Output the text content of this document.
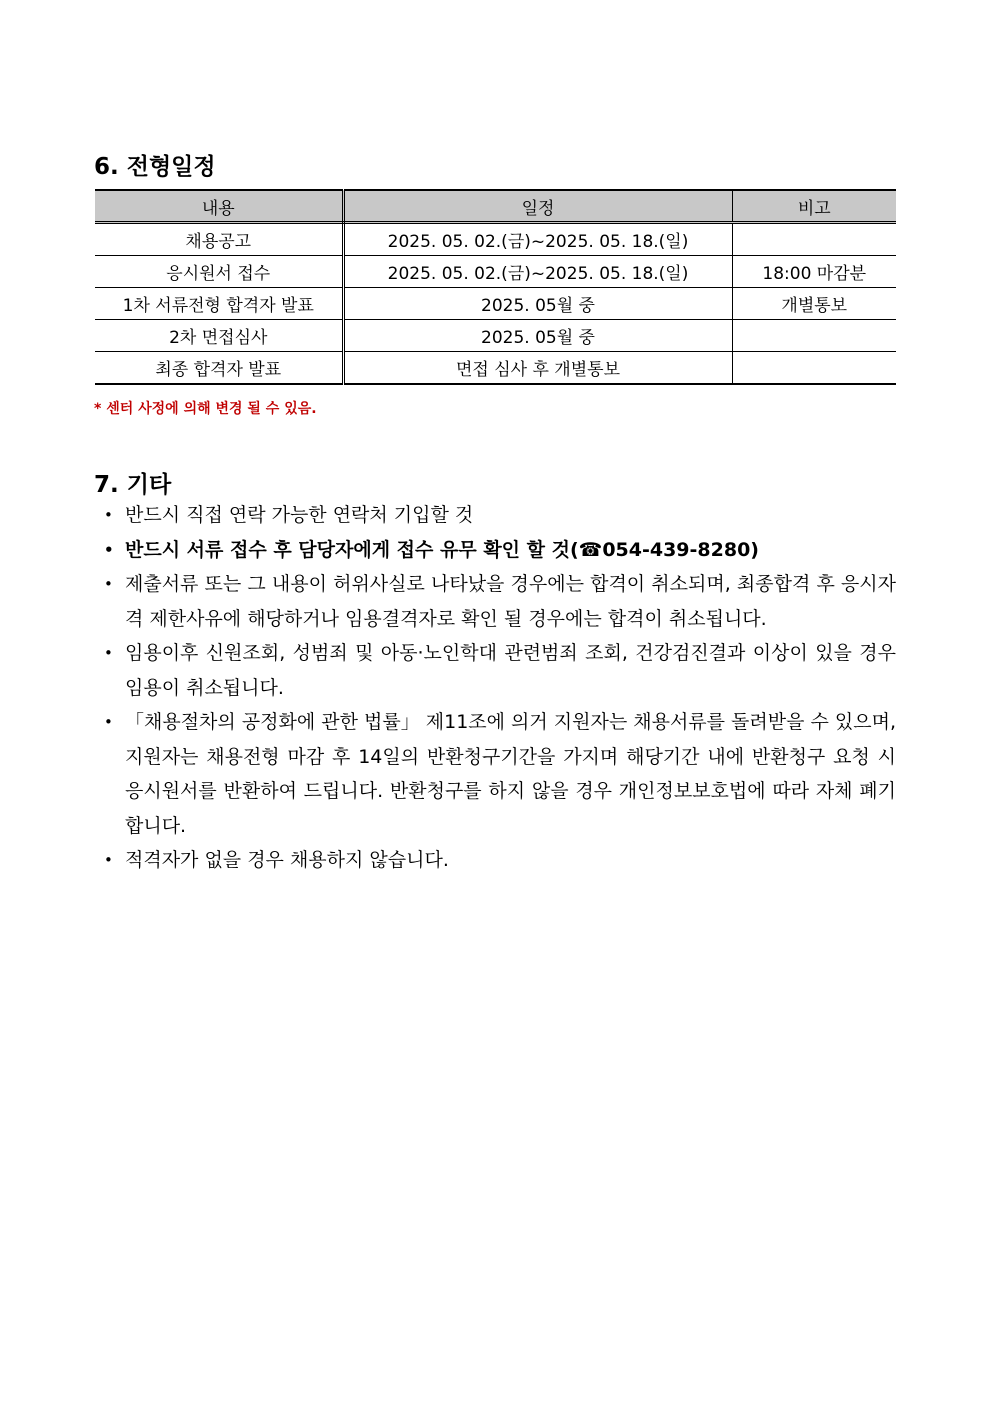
6. 전형일정
내용	일정	비고
채용공고	2025. 05. 02.(금)~2025. 05. 18.(일)	
응시원서 접수	2025. 05. 02.(금)~2025. 05. 18.(일)	18:00 마감분
1차 서류전형 합격자 발표	2025. 05월 중	개별통보
2차 면접심사	2025. 05월 중	
최종 합격자 발표	면접 심사 후 개별통보	
* 센터 사정에 의해 변경 될 수 있음.
7. 기타
• 반드시 직접 연락 가능한 연락처 기입할 것
• 반드시 서류 접수 후 담당자에게 접수 유무 확인 할 것(☎054-439-8280)
• 제출서류 또는 그 내용이 허위사실로 나타났을 경우에는 합격이 취소되며, 최종합격 후 응시자격 제한사유에 해당하거나 임용결격자로 확인 될 경우에는 합격이 취소됩니다.
• 임용이후 신원조회, 성범죄 및 아동·노인학대 관련범죄 조회, 건강검진결과 이상이 있을 경우 임용이 취소됩니다.
• 「채용절차의 공정화에 관한 법률」 제11조에 의거 지원자는 채용서류를 돌려받을 수 있으며, 지원자는 채용전형 마감 후 14일의 반환청구기간을 가지며 해당기간 내에 반환청구 요청 시 응시원서를 반환하여 드립니다. 반환청구를 하지 않을 경우 개인정보보호법에 따라 자체 폐기합니다.
• 적격자가 없을 경우 채용하지 않습니다.
